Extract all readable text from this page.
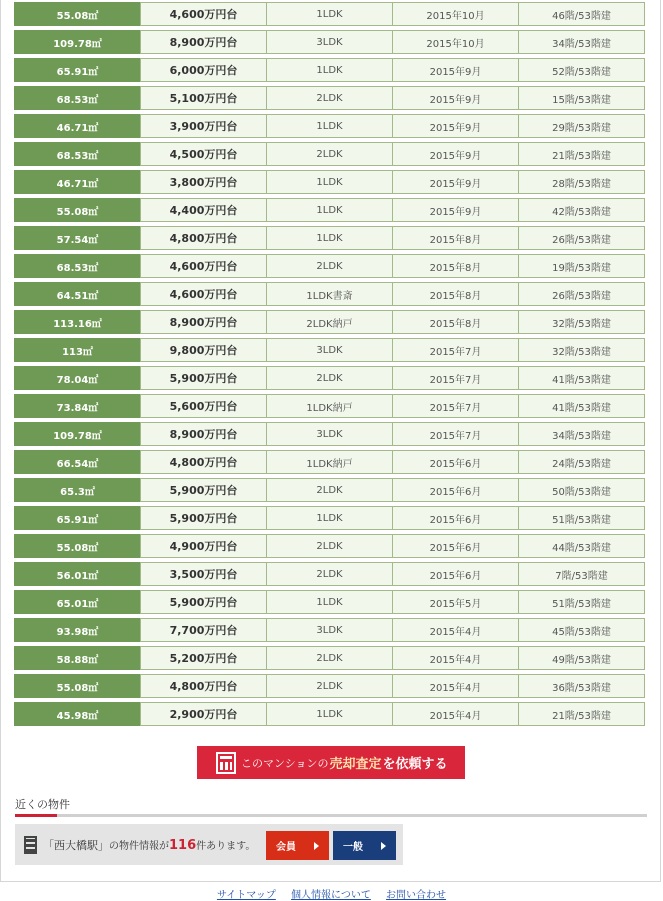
55.08㎡	4,600万円台	1LDK	2015年10月	46階/53階建
109.78㎡	8,900万円台	3LDK	2015年10月	34階/53階建
65.91㎡	6,000万円台	1LDK	2015年9月	52階/53階建
68.53㎡	5,100万円台	2LDK	2015年9月	15階/53階建
46.71㎡	3,900万円台	1LDK	2015年9月	29階/53階建
68.53㎡	4,500万円台	2LDK	2015年9月	21階/53階建
46.71㎡	3,800万円台	1LDK	2015年9月	28階/53階建
55.08㎡	4,400万円台	1LDK	2015年9月	42階/53階建
57.54㎡	4,800万円台	1LDK	2015年8月	26階/53階建
68.53㎡	4,600万円台	2LDK	2015年8月	19階/53階建
64.51㎡	4,600万円台	1LDK書斎	2015年8月	26階/53階建
113.16㎡	8,900万円台	2LDK納戸	2015年8月	32階/53階建
113㎡	9,800万円台	3LDK	2015年7月	32階/53階建
78.04㎡	5,900万円台	2LDK	2015年7月	41階/53階建
73.84㎡	5,600万円台	1LDK納戸	2015年7月	41階/53階建
109.78㎡	8,900万円台	3LDK	2015年7月	34階/53階建
66.54㎡	4,800万円台	1LDK納戸	2015年6月	24階/53階建
65.3㎡	5,900万円台	2LDK	2015年6月	50階/53階建
65.91㎡	5,900万円台	1LDK	2015年6月	51階/53階建
55.08㎡	4,900万円台	2LDK	2015年6月	44階/53階建
56.01㎡	3,500万円台	2LDK	2015年6月	7階/53階建
65.01㎡	5,900万円台	1LDK	2015年5月	51階/53階建
93.98㎡	7,700万円台	3LDK	2015年4月	45階/53階建
58.88㎡	5,200万円台	2LDK	2015年4月	49階/53階建
55.08㎡	4,800万円台	2LDK	2015年4月	36階/53階建
45.98㎡	2,900万円台	1LDK	2015年4月	21階/53階建
このマンションの 売却査定 を依頼する
近くの物件
「西大橋駅」の物件情報が116件あります。 会員	一般
サイトマップ 個人情報について お問い合わせ
